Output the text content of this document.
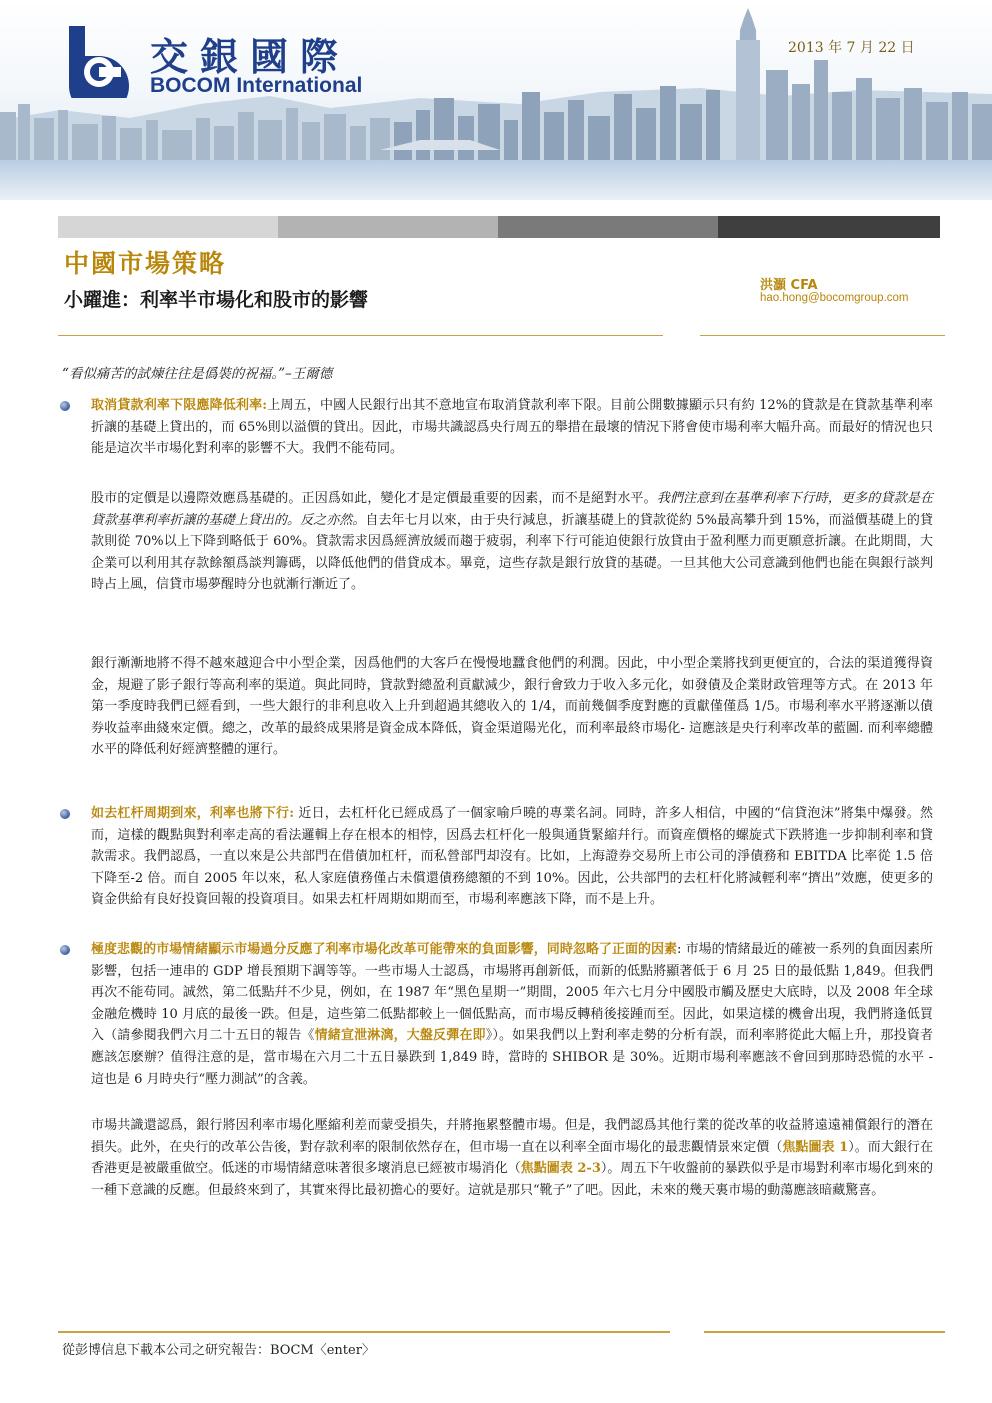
交銀國際
BOCOM International
2013 年 7 月 22 日
中國市場策略
小躍進：利率半市場化和股市的影響
洪灝 CFA
hao.hong@bocomgroup.com
“看似痛苦的試煉往往是僞裝的祝福。”–王爾德
取消貸款利率下限應降低利率:上周五，中國人民銀行出其不意地宣布取消貸款利率下限。目前公開數據顯示只有約 12%的貸款是在貸款基準利率折讓的基礎上貸出的，而 65%則以溢價的貸出。因此，市場共識認爲央行周五的舉措在最壞的情況下將會使市場利率大幅升高。而最好的情況也只能是這次半市場化對利率的影響不大。我們不能苟同。
股市的定價是以邊際效應爲基礎的。正因爲如此，變化才是定價最重要的因素，而不是絕對水平。我們注意到在基準利率下行時，更多的貸款是在貸款基準利率折讓的基礎上貸出的。反之亦然。自去年七月以來，由于央行減息，折讓基礎上的貸款從約 5%最高攀升到 15%，而溢價基礎上的貸款則從 70%以上下降到略低于 60%。貸款需求因爲經濟放緩而趨于疲弱，利率下行可能迫使銀行放貸由于盈利壓力而更願意折讓。在此期間，大企業可以利用其存款餘額爲談判籌碼，以降低他們的借貸成本。畢竟，這些存款是銀行放貸的基礎。一旦其他大公司意識到他們也能在與銀行談判時占上風，信貸市場夢醒時分也就漸行漸近了。
銀行漸漸地將不得不越來越迎合中小型企業，因爲他們的大客戶在慢慢地蠶食他們的利潤。因此，中小型企業將找到更便宜的，合法的渠道獲得資金，規避了影子銀行等高利率的渠道。與此同時，貸款對總盈利貢獻減少，銀行會致力于收入多元化，如發債及企業財政管理等方式。在 2013 年第一季度時我們已經看到，一些大銀行的非利息收入上升到超過其總收入的 1/4，而前幾個季度對應的貢獻僅僅爲 1/5。市場利率水平將逐漸以債券收益率曲綫來定價。總之，改革的最終成果將是資金成本降低，資金渠道陽光化，而利率最終市場化- 這應該是央行利率改革的藍圖. 而利率總體水平的降低利好經濟整體的運行。
如去杠杆周期到來，利率也將下行: 近日，去杠杆化已經成爲了一個家喻戶曉的專業名詞。同時，許多人相信，中國的“信貸泡沫”將集中爆發。然而，這樣的觀點與對利率走高的看法邏輯上存在根本的相悖，因爲去杠杆化一般與通貨緊縮幷行。而資産價格的螺旋式下跌將進一步抑制利率和貸款需求。我們認爲，一直以來是公共部門在借債加杠杆，而私營部門却沒有。比如，上海證券交易所上市公司的淨債務和 EBITDA 比率從 1.5 倍下降至-2 倍。而自 2005 年以來，私人家庭債務僅占未償還債務總額的不到 10%。因此，公共部門的去杠杆化將減輕利率“擠出”效應，使更多的資金供給有良好投資回報的投資項目。如果去杠杆周期如期而至，市場利率應該下降，而不是上升。
極度悲觀的市場情緒顯示市場過分反應了利率市場化改革可能帶來的負面影響，同時忽略了正面的因素: 市場的情緒最近的確被一系列的負面因素所影響，包括一連串的 GDP 增長預期下調等等。一些市場人士認爲，市場將再創新低，而新的低點將顯著低于 6 月 25 日的最低點 1,849。但我們再次不能苟同。誠然，第二低點幷不少見，例如，在 1987 年“黑色星期一”期間，2005 年六七月分中國股市觸及歷史大底時，以及 2008 年全球金融危機時 10 月底的最後一跌。但是，這些第二低點都較上一個低點高，而市場反轉稍後接踵而至。因此，如果這樣的機會出現，我們將逢低買入（請參閱我們六月二十五日的報告《情緒宣泄淋漓，大盤反彈在即》）。如果我們以上對利率走勢的分析有誤，而利率將從此大幅上升，那投資者應該怎麽辦？值得注意的是，當市場在六月二十五日暴跌到 1,849 時，當時的 SHIBOR 是 30%。近期市場利率應該不會回到那時恐慌的水平 - 這也是 6 月時央行“壓力測試”的含義。
市場共識還認爲，銀行將因利率市場化壓縮利差而蒙受損失，幷將拖累整體市場。但是，我們認爲其他行業的從改革的收益將遠遠補償銀行的潛在損失。此外，在央行的改革公告後，對存款利率的限制依然存在，但市場一直在以利率全面市場化的最悲觀情景來定價（焦點圖表 1）。而大銀行在香港更是被嚴重做空。低迷的市場情緒意味著很多壞消息已經被市場消化（焦點圖表 2-3）。周五下午收盤前的暴跌似乎是市場對利率市場化到來的一種下意識的反應。但最終來到了，其實來得比最初擔心的要好。這就是那只“靴子”了吧。因此，未來的幾天裏市場的動蕩應該暗藏驚喜。
從彭博信息下載本公司之研究報告：BOCM〈enter〉
